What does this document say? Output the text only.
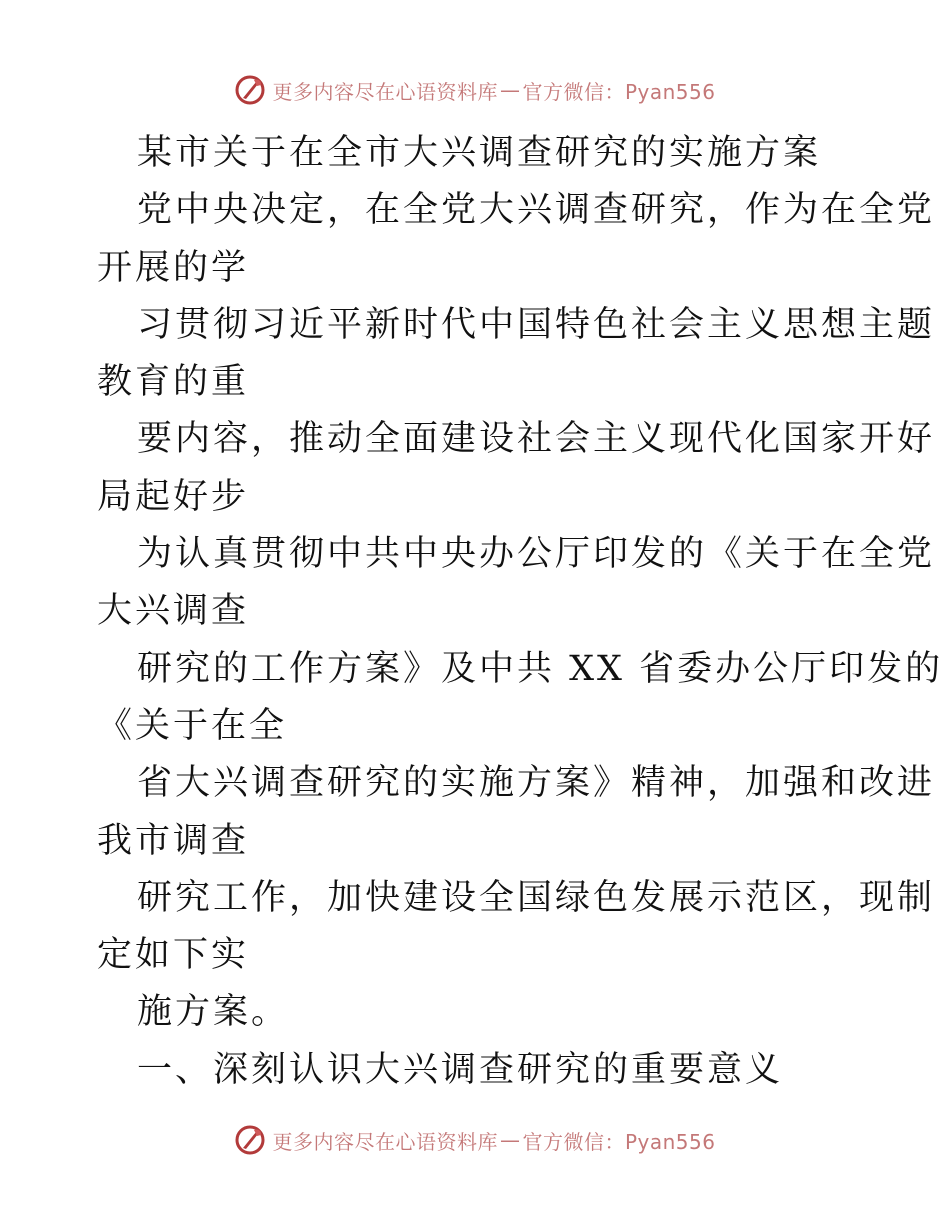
更多内容尽在心语资料库 — 官方微信：Pyan556
某市关于在全市大兴调查研究的实施方案
党中央决定，在全党大兴调查研究，作为在全党
开展的学
习贯彻习近平新时代中国特色社会主义思想主题
教育的重
要内容，推动全面建设社会主义现代化国家开好
局起好步
为认真贯彻中共中央办公厅印发的《关于在全党
大兴调查
研究的工作方案》及中共 XX 省委办公厅印发的
《关于在全
省大兴调查研究的实施方案》精神，加强和改进
我市调查
研究工作，加快建设全国绿色发展示范区，现制
定如下实
施方案。
一、深刻认识大兴调查研究的重要意义
更多内容尽在心语资料库 — 官方微信：Pyan556
